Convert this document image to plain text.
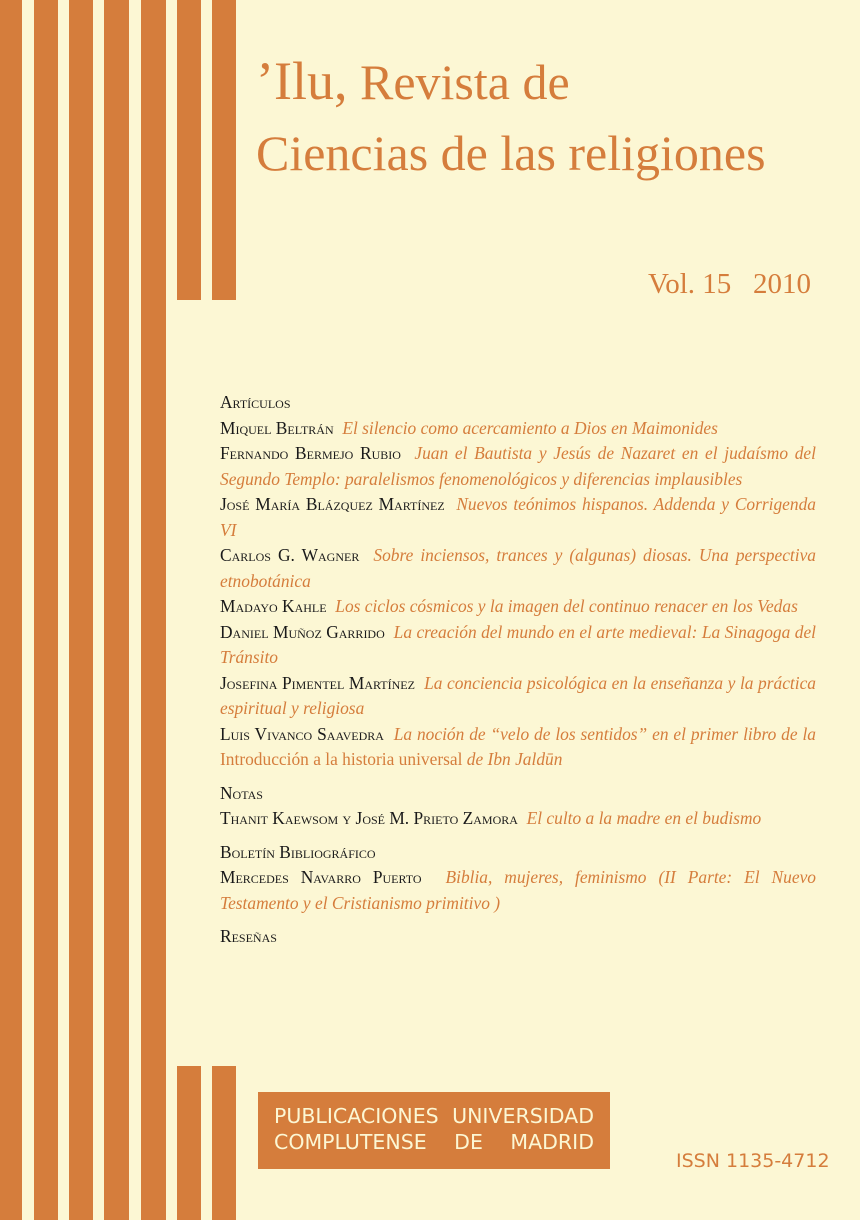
’Ilu, Revista de
Ciencias de las religiones
Vol. 15 2010
Artículos
Miquel Beltrán El silencio como acercamiento a Dios en Maimonides
Fernando Bermejo Rubio Juan el Bautista y Jesús de Nazaret en el judaísmo del Segundo Templo: paralelismos fenomenológicos y diferencias implausibles
José María Blázquez Martínez Nuevos teónimos hispanos. Addenda y Corrigenda VI
Carlos G. Wagner Sobre inciensos, trances y (algunas) diosas. Una perspectiva etnobotánica
Madayo Kahle Los ciclos cósmicos y la imagen del continuo renacer en los Vedas
Daniel Muñoz Garrido La creación del mundo en el arte medieval: La Sinagoga del Tránsito
Josefina Pimentel Martínez La conciencia psicológica en la enseñanza y la práctica espiritual y religiosa
Luis Vivanco Saavedra La noción de “velo de los sentidos” en el primer libro de la Introducción a la historia universal de Ibn Jaldūn
Notas
Thanit Kaewsom y José M. Prieto Zamora El culto a la madre en el budismo
Boletín Bibliográfico
Mercedes Navarro Puerto Biblia, mujeres, feminismo (II Parte: El Nuevo Testamento y el Cristianismo primitivo )
Reseñas
PUBLICACIONES UNIVERSIDAD
COMPLUTENSE DE MADRID
ISSN 1135-4712
